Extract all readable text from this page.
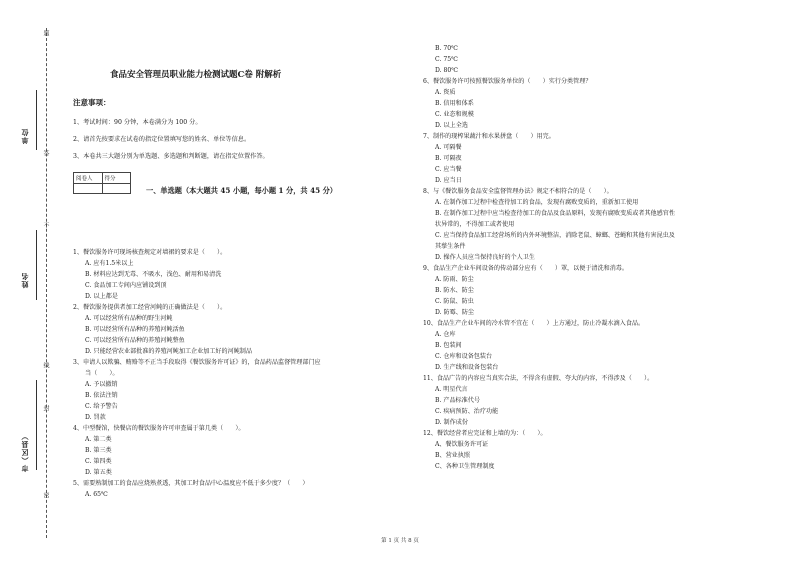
单位
姓名
市（区县）
题
不
线
答
封
密
食品安全管理员职业能力检测试题C卷 附解析
注意事项：
1、考试时间：90 分钟，本卷满分为 100 分。
2、请首先按要求在试卷的指定位置填写您的姓名、单位等信息。
3、本卷共三大题分别为单选题、多选题和判断题，请在指定位置作答。
阅卷人	得分

一、单选题（本大题共 45 小题，每小题 1 分，共 45 分）
1、餐饮服务许可现场核查规定对墙裙的要求是（　　）。
A. 应有1.5米以上
B. 材料应达到无毒、不吸水，浅色、耐用和易清洗
C. 食品加工专间内应铺设到顶
D. 以上都是
2、餐饮服务提供者加工经营河鲀的正确做法是（　　）。
A. 可以经营所有品种的野生河鲀
B. 可以经营所有品种的养殖河鲀活鱼
C. 可以经营所有品种的养殖河鲀整鱼
D. 只能经营农业部批准的养殖河鲀加工企业加工好的河鲀制品
3、申请人以欺骗、贿赂等不正当手段取得《餐饮服务许可证》的，食品药品监督管理部门应
当（　　）。
A. 予以撤销
B. 依法注销
C. 给予警告
D. 罚款
4、中型餐馆，快餐店的餐饮服务许可审查属于第几类（　　）。
A. 第二类
B. 第三类
C. 第四类
D. 第五类
5、需要熟制加工的食品应烧熟煮透，其加工时食品中心温度应不低于多少度？（　　）
A. 65℃
B. 70℃
C. 75℃
D. 80℃
6、餐饮服务许可按照餐饮服务单位的（　　）实行分类管理？
A. 资质
B. 信用和体系
C. 业态和规模
D. 以上全选
7、制作的现榨果蔬汁和水果拼盘（　　）用完。
A. 可隔餐
B. 可隔夜
C. 应当餐
D. 应当日
8、与《餐饮服务食品安全监督管理办法》规定不相符合的是（　　）。
A. 在制作加工过程中检查待加工的食品，发现有腐败变质的，重新加工使用
B. 在制作加工过程中应当检查待加工的食品及食品原料，发现有腐败变质或者其他感官性
状异常的，不得加工或者使用
C. 应当保持食品加工经营场所的内外环境整洁，消除老鼠、蟑螂、苍蝇和其他有害昆虫及
其孳生条件
D. 操作人员应当保持良好的个人卫生
9、食品生产企业车间设备的传动部分应有（　　）罩，以便于清洗和消毒。
A. 防雨、防尘
B. 防水、防尘
C. 防鼠、防虫
D. 防霉、防尘
10、食品生产企业车间的冷水管不宜在（　　）上方通过，防止冷凝水滴入食品。
A. 仓库
B. 包装间
C. 仓库和设备包装台
D. 生产线和设备包装台
11、食品广告的内容应当真实合法，不得含有虚假、夸大的内容，不得涉及（　　）。
A. 明星代言
B. 产品标准代号
C. 疾病预防、治疗功能
D. 制作成份
12、餐饮经营者应完证和上墙的为：（　　）。
A、餐饮服务许可证
B、营业执照
C、各种卫生管理制度
第 1 页 共 8 页
